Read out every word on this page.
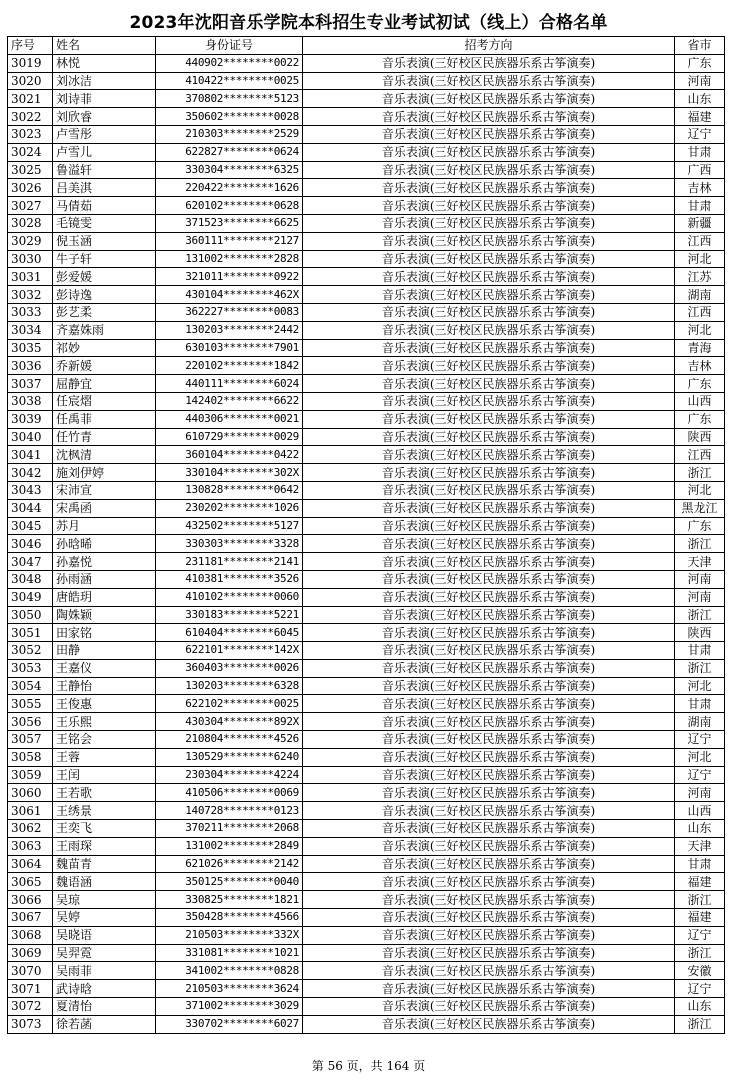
2023年沈阳音乐学院本科招生专业考试初试（线上）合格名单
序号	姓名	身份证号	招考方向	省市
3019	林悦	440902********0022	音乐表演(三好校区民族器乐系古筝演奏)	广东
3020	刘冰洁	410422********0025	音乐表演(三好校区民族器乐系古筝演奏)	河南
3021	刘诗菲	370802********5123	音乐表演(三好校区民族器乐系古筝演奏)	山东
3022	刘欣睿	350602********0028	音乐表演(三好校区民族器乐系古筝演奏)	福建
3023	卢雪彤	210303********2529	音乐表演(三好校区民族器乐系古筝演奏)	辽宁
3024	卢雪儿	622827********0624	音乐表演(三好校区民族器乐系古筝演奏)	甘肃
3025	鲁溢轩	330304********6325	音乐表演(三好校区民族器乐系古筝演奏)	广西
3026	吕美淇	220422********1626	音乐表演(三好校区民族器乐系古筝演奏)	吉林
3027	马倩茹	620102********0628	音乐表演(三好校区民族器乐系古筝演奏)	甘肃
3028	毛镜雯	371523********6625	音乐表演(三好校区民族器乐系古筝演奏)	新疆
3029	倪玉涵	360111********2127	音乐表演(三好校区民族器乐系古筝演奏)	江西
3030	牛子轩	131002********2828	音乐表演(三好校区民族器乐系古筝演奏)	河北
3031	彭爱媛	321011********0922	音乐表演(三好校区民族器乐系古筝演奏)	江苏
3032	彭诗逸	430104********462X	音乐表演(三好校区民族器乐系古筝演奏)	湖南
3033	彭艺柔	362227********0083	音乐表演(三好校区民族器乐系古筝演奏)	江西
3034	齐嘉姝雨	130203********2442	音乐表演(三好校区民族器乐系古筝演奏)	河北
3035	祁妙	630103********7901	音乐表演(三好校区民族器乐系古筝演奏)	青海
3036	乔新媛	220102********1842	音乐表演(三好校区民族器乐系古筝演奏)	吉林
3037	屈静宜	440111********6024	音乐表演(三好校区民族器乐系古筝演奏)	广东
3038	任宸熠	142402********6622	音乐表演(三好校区民族器乐系古筝演奏)	山西
3039	任禹菲	440306********0021	音乐表演(三好校区民族器乐系古筝演奏)	广东
3040	任竹青	610729********0029	音乐表演(三好校区民族器乐系古筝演奏)	陕西
3041	沈枫清	360104********0422	音乐表演(三好校区民族器乐系古筝演奏)	江西
3042	施刘伊婷	330104********302X	音乐表演(三好校区民族器乐系古筝演奏)	浙江
3043	宋沛宣	130828********0642	音乐表演(三好校区民族器乐系古筝演奏)	河北
3044	宋禹函	230202********1026	音乐表演(三好校区民族器乐系古筝演奏)	黑龙江
3045	苏月	432502********5127	音乐表演(三好校区民族器乐系古筝演奏)	广东
3046	孙晗晞	330303********3328	音乐表演(三好校区民族器乐系古筝演奏)	浙江
3047	孙嘉悦	231181********2141	音乐表演(三好校区民族器乐系古筝演奏)	天津
3048	孙雨涵	410381********3526	音乐表演(三好校区民族器乐系古筝演奏)	河南
3049	唐皓玥	410102********0060	音乐表演(三好校区民族器乐系古筝演奏)	河南
3050	陶姝颖	330183********5221	音乐表演(三好校区民族器乐系古筝演奏)	浙江
3051	田家铭	610404********6045	音乐表演(三好校区民族器乐系古筝演奏)	陕西
3052	田静	622101********142X	音乐表演(三好校区民族器乐系古筝演奏)	甘肃
3053	王嘉仪	360403********0026	音乐表演(三好校区民族器乐系古筝演奏)	浙江
3054	王静怡	130203********6328	音乐表演(三好校区民族器乐系古筝演奏)	河北
3055	王俊惠	622102********0025	音乐表演(三好校区民族器乐系古筝演奏)	甘肃
3056	王乐熙	430304********892X	音乐表演(三好校区民族器乐系古筝演奏)	湖南
3057	王铭会	210804********4526	音乐表演(三好校区民族器乐系古筝演奏)	辽宁
3058	王蓉	130529********6240	音乐表演(三好校区民族器乐系古筝演奏)	河北
3059	王闰	230304********4224	音乐表演(三好校区民族器乐系古筝演奏)	辽宁
3060	王若歌	410506********0069	音乐表演(三好校区民族器乐系古筝演奏)	河南
3061	王绣景	140728********0123	音乐表演(三好校区民族器乐系古筝演奏)	山西
3062	王奕飞	370211********2068	音乐表演(三好校区民族器乐系古筝演奏)	山东
3063	王雨琛	131002********2849	音乐表演(三好校区民族器乐系古筝演奏)	天津
3064	魏苗青	621026********2142	音乐表演(三好校区民族器乐系古筝演奏)	甘肃
3065	魏语涵	350125********0040	音乐表演(三好校区民族器乐系古筝演奏)	福建
3066	吴琼	330825********1821	音乐表演(三好校区民族器乐系古筝演奏)	浙江
3067	吴婷	350428********4566	音乐表演(三好校区民族器乐系古筝演奏)	福建
3068	吴晓语	210503********332X	音乐表演(三好校区民族器乐系古筝演奏)	辽宁
3069	吴羿霓	331081********1021	音乐表演(三好校区民族器乐系古筝演奏)	浙江
3070	吴雨菲	341002********0828	音乐表演(三好校区民族器乐系古筝演奏)	安徽
3071	武诗晗	210503********3624	音乐表演(三好校区民族器乐系古筝演奏)	辽宁
3072	夏清怡	371002********3029	音乐表演(三好校区民族器乐系古筝演奏)	山东
3073	徐若菡	330702********6027	音乐表演(三好校区民族器乐系古筝演奏)	浙江
第 56 页，共 164 页
